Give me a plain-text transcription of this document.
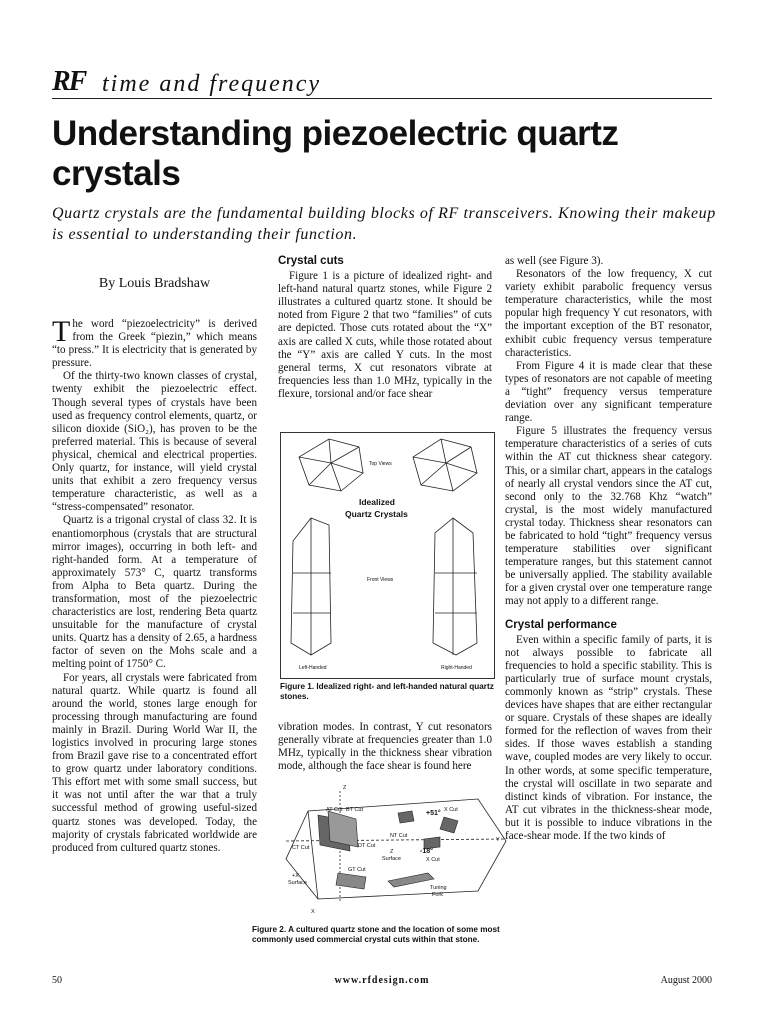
RF time and frequency
Understanding piezoelectric quartz crystals
Quartz crystals are the fundamental building blocks of RF transceivers. Knowing their makeup is essential to understanding their function.
By Louis Bradshaw

The word “piezoelectricity” is derived from the Greek “piezin,” which means “to press.” It is electricity that is generated by pressure.

Of the thirty-two known classes of crystal, twenty exhibit the piezoelectric effect. Though several types of crystals have been used as frequency control elements, quartz, or silicon dioxide (SiO₂), has proven to be the preferred material. This is because of several physical, chemical and electrical properties. Only quartz, for instance, will yield crystal units that exhibit a zero frequency versus temperature characteristic, as well as a “stress-compensated” resonator.

Quartz is a trigonal crystal of class 32. It is enantiomorphous (crystals that are structural mirror images), occurring in both left- and right-handed form. At a temperature of approximately 573° C, quartz transforms from Alpha to Beta quartz. During the transformation, most of the piezoelectric characteristics are lost, rendering Beta quartz unsuitable for the manufacture of crystal units. Quartz has a density of 2.65, a hardness factor of seven on the Mohs scale and a melting point of 1750° C.

For years, all crystals were fabricated from natural quartz. While quartz is found all around the world, stones large enough for processing through manufacturing are found mainly in Brazil. During World War II, the logistics involved in procuring large stones from Brazil gave rise to a concentrated effort to grow quartz under laboratory conditions. This effort met with some small success, but it was not until after the war that a truly successful method of growing useful-sized quartz stones was developed. Today, the majority of crystals fabricated worldwide are produced from cultured quartz stones.

Crystal cuts

Figure 1 is a picture of idealized right- and left-hand natural quartz stones, while Figure 2 illustrates a cultured quartz stone. It should be noted from Figure 2 that two “families” of cuts are depicted. Those cuts rotated about the “X” axis are called X cuts, while those rotated about the “Y” axis are called Y cuts. In the most general terms, X cut resonators vibrate at frequencies less than 1.0 MHz, typically in the flexure, torsional and/or face shear

Top Views
Idealized
Quartz Crystals
Front Views
Left-Handed	Right-Handed
Figure 1. Idealized right- and left-handed natural quartz stones.

vibration modes. In contrast, Y cut resonators generally vibrate at frequencies greater than 1.0 MHz, typically in the thickness shear vibration mode, although the face shear is found here

Z
AT Cut BT Cut	+51° X Cut
NT Cut
CT Cut	DT Cut
Z
Surface
-18°
X Cut
Y
+X
Surface
GT Cut
Tuning
Fork
X
Figure 2. A cultured quartz stone and the location of some most commonly used commercial crystal cuts within that stone.

as well (see Figure 3).

Resonators of the low frequency, X cut variety exhibit parabolic frequency versus temperature characteristics, while the most popular high frequency Y cut resonators, with the important exception of the BT resonator, exhibit cubic frequency versus temperature characteristics.

From Figure 4 it is made clear that these types of resonators are not capable of meeting a “tight” frequency versus temperature deviation over any significant temperature range.

Figure 5 illustrates the frequency versus temperature characteristics of a series of cuts within the AT cut thickness shear category. This, or a similar chart, appears in the catalogs of nearly all crystal vendors since the AT cut, second only to the 32.768 Khz “watch” crystal, is the most widely manufactured crystal today. Thickness shear resonators can be fabricated to hold “tight” frequency versus temperature stabilities over significant temperature ranges, but this statement cannot be universally applied. The stability available for a given crystal over one temperature range may not apply to a different range.

Crystal performance

Even within a specific family of parts, it is not always possible to fabricate all frequencies to hold a specific stability. This is particularly true of surface mount crystals, commonly known as “strip” crystals. These devices have shapes that are either rectangular or square. Crystals of these shapes are ideally formed for the reflection of waves from their sides. If those waves establish a standing wave, coupled modes are very likely to occur. In other words, at some specific temperature, the crystal will oscillate in two separate and distinct kinds of vibration. For instance, the AT cut vibrates in the thickness-shear mode, but it is possible to induce vibrations in the face-shear mode. If the two kinds of

50	www.rfdesign.com	August 2000
